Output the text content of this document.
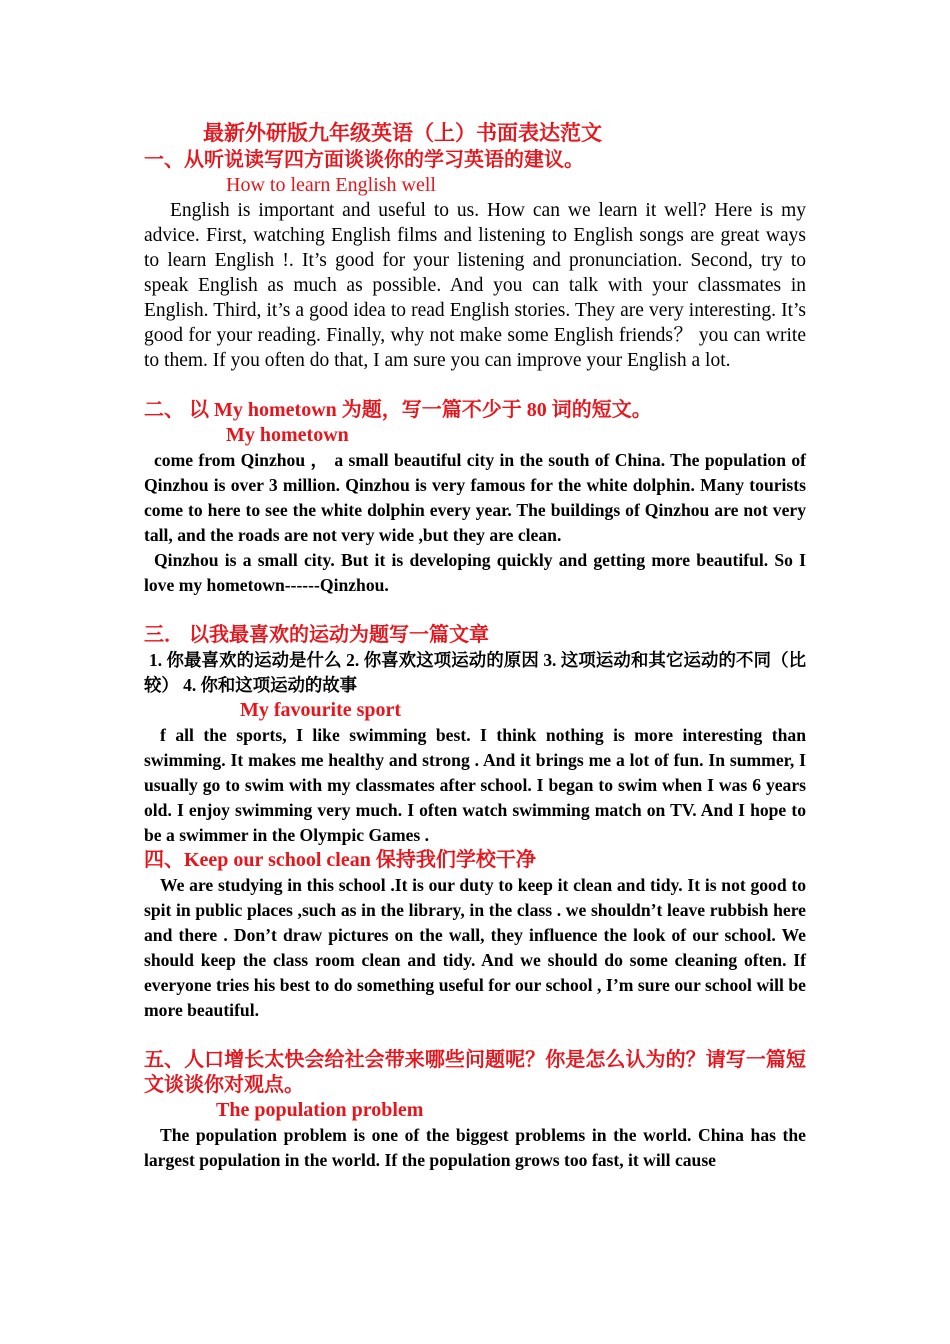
最新外研版九年级英语（上）书面表达范文

一、从听说读写四方面谈谈你的学习英语的建议。

How to learn English well

English is important and useful to us. How can we learn it well? Here is my advice. First, watching English films and listening to English songs are great ways to learn English !. It’s good for your listening and pronunciation. Second, try to speak English as much as possible. And you can talk with your classmates in English. Third, it’s a good idea to read English stories. They are very interesting. It’s good for your reading. Finally, why not make some English friends？ you can write to them. If you often do that, I am sure you can improve your English a lot.

二、 以 My hometown 为题，写一篇不少于 80 词的短文。

My hometown

come from Qinzhou ， a small beautiful city in the south of China. The population of Qinzhou is over 3 million. Qinzhou is very famous for the white dolphin. Many tourists come to here to see the white dolphin every year. The buildings of Qinzhou are not very tall, and the roads are not very wide ,but they are clean.

Qinzhou is a small city. But it is developing quickly and getting more beautiful. So I love my hometown------Qinzhou.

三． 以我最喜欢的运动为题写一篇文章

1. 你最喜欢的运动是什么 2. 你喜欢这项运动的原因 3. 这项运动和其它运动的不同（比较） 4. 你和这项运动的故事

My favourite sport

f all the sports, I like swimming best. I think nothing is more interesting than swimming. It makes me healthy and strong . And it brings me a lot of fun. In summer, I usually go to swim with my classmates after school. I began to swim when I was 6 years old. I enjoy swimming very much. I often watch swimming match on TV. And I hope to be a swimmer in the Olympic Games .

四、Keep our school clean 保持我们学校干净

We are studying in this school .It is our duty to keep it clean and tidy. It is not good to spit in public places ,such as in the library, in the class . we shouldn’t leave rubbish here and there . Don’t draw pictures on the wall, they influence the look of our school. We should keep the class room clean and tidy. And we should do some cleaning often. If everyone tries his best to do something useful for our school , I’m sure our school will be more beautiful.

五、人口增长太快会给社会带来哪些问题呢？你是怎么认为的？请写一篇短文谈谈你对观点。

The population problem

The population problem is one of the biggest problems in the world. China has the largest population in the world. If the population grows too fast, it will cause
